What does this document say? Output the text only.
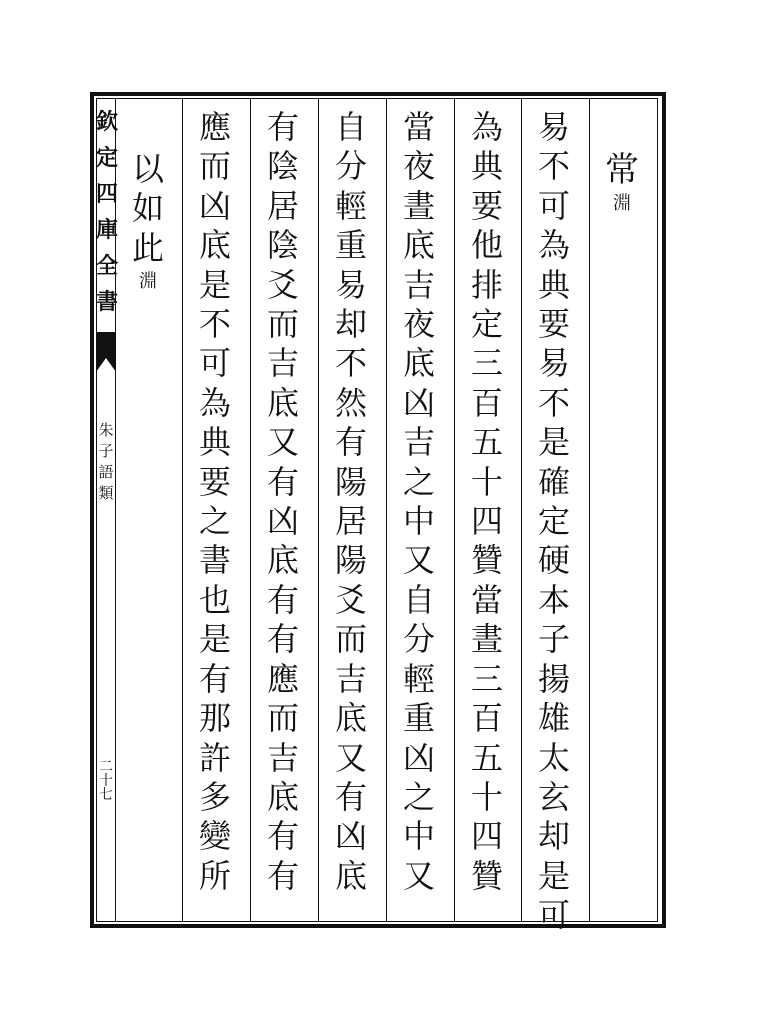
欽
定
四
庫
全
書
朱
子
語
類
二
十
七
常
淵
易
不
可
為
典
要
易
不
是
確
定
硬
本
子
揚
雄
太
玄
却
是
可
為
典
要
他
排
定
三
百
五
十
四
贊
當
晝
三
百
五
十
四
贊
當
夜
晝
底
吉
夜
底
凶
吉
之
中
又
自
分
輕
重
凶
之
中
又
自
分
輕
重
易
却
不
然
有
陽
居
陽
爻
而
吉
底
又
有
凶
底
有
陰
居
陰
爻
而
吉
底
又
有
凶
底
有
有
應
而
吉
底
有
有
應
而
凶
底
是
不
可
為
典
要
之
書
也
是
有
那
許
多
變
所
以
如
此
淵
